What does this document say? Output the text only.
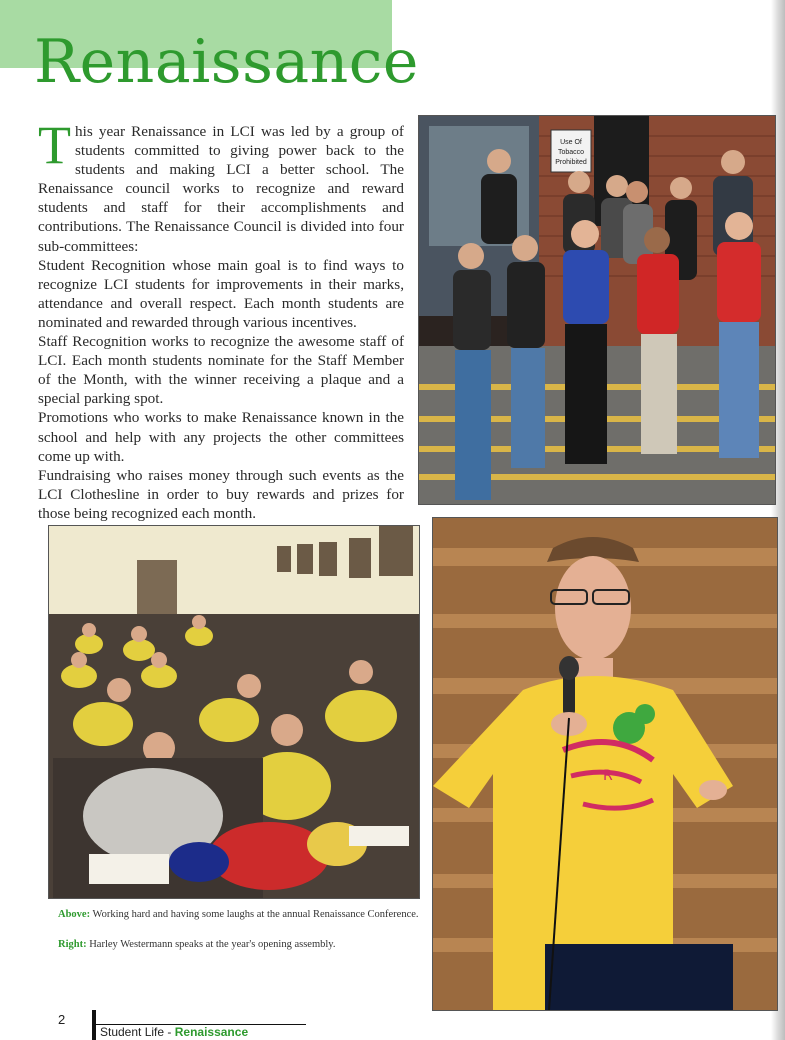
Renaissance

This year Renaissance in LCI was led by a group of students committed to giving power back to the students and making LCI a better school. The Renaissance council works to recognize and reward students and staff for their accomplishments and contributions. The Renaissance Council is divided into four sub-committees:

Student Recognition whose main goal is to find ways to recognize LCI students for improvements in their marks, attendance and overall respect. Each month students are nominated and rewarded through various incentives.

Staff Recognition works to recognize the awesome staff of LCI. Each month students nominate for the Staff Member of the Month, with the winner receiving a plaque and a special parking spot.

Promotions who works to make Renaissance known in the school and help with any projects the other committees come up with.

Fundraising who raises money through such events as the LCI Clothesline in order to buy rewards and prizes for those being recognized each month.

Use Of
Tobacco
Prohibited
R

Above: Working hard and having some laughs at the annual Renaissance Conference.

Right: Harley Westermann speaks at the year's opening assembly.

2
Student Life - Renaissance
